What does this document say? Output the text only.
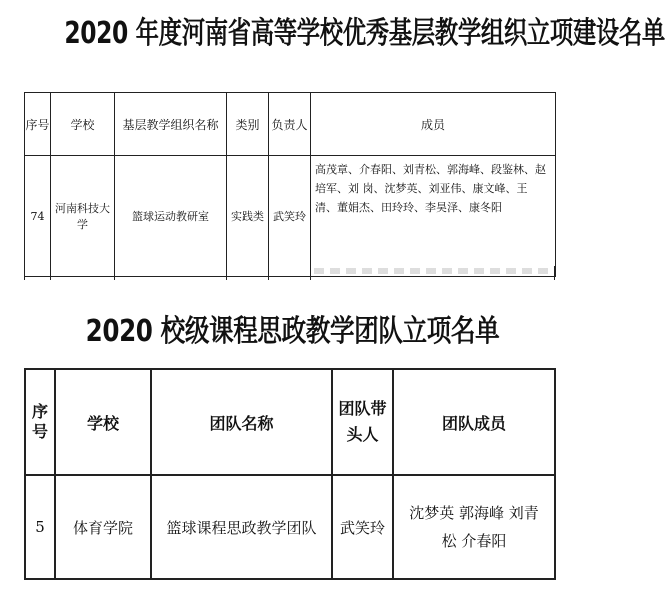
2020 年度河南省高等学校优秀基层教学组织立项建设名单
序号	学校	基层教学组织名称	类别	负责人	成员
74	河南科技大学	篮球运动教研室	实践类	武笑玲	高茂章、介春阳、刘青松、郭海峰、段鉴林、赵培军、刘 岗、沈梦英、刘亚伟、康文峰、王 清、董娟杰、田玲玲、李昊泽、康冬阳
2020 校级课程思政教学团队立项名单
序号	学校	团队名称	团队带头人	团队成员
5	体育学院	篮球课程思政教学团队	武笑玲	沈梦英 郭海峰 刘青松 介春阳
